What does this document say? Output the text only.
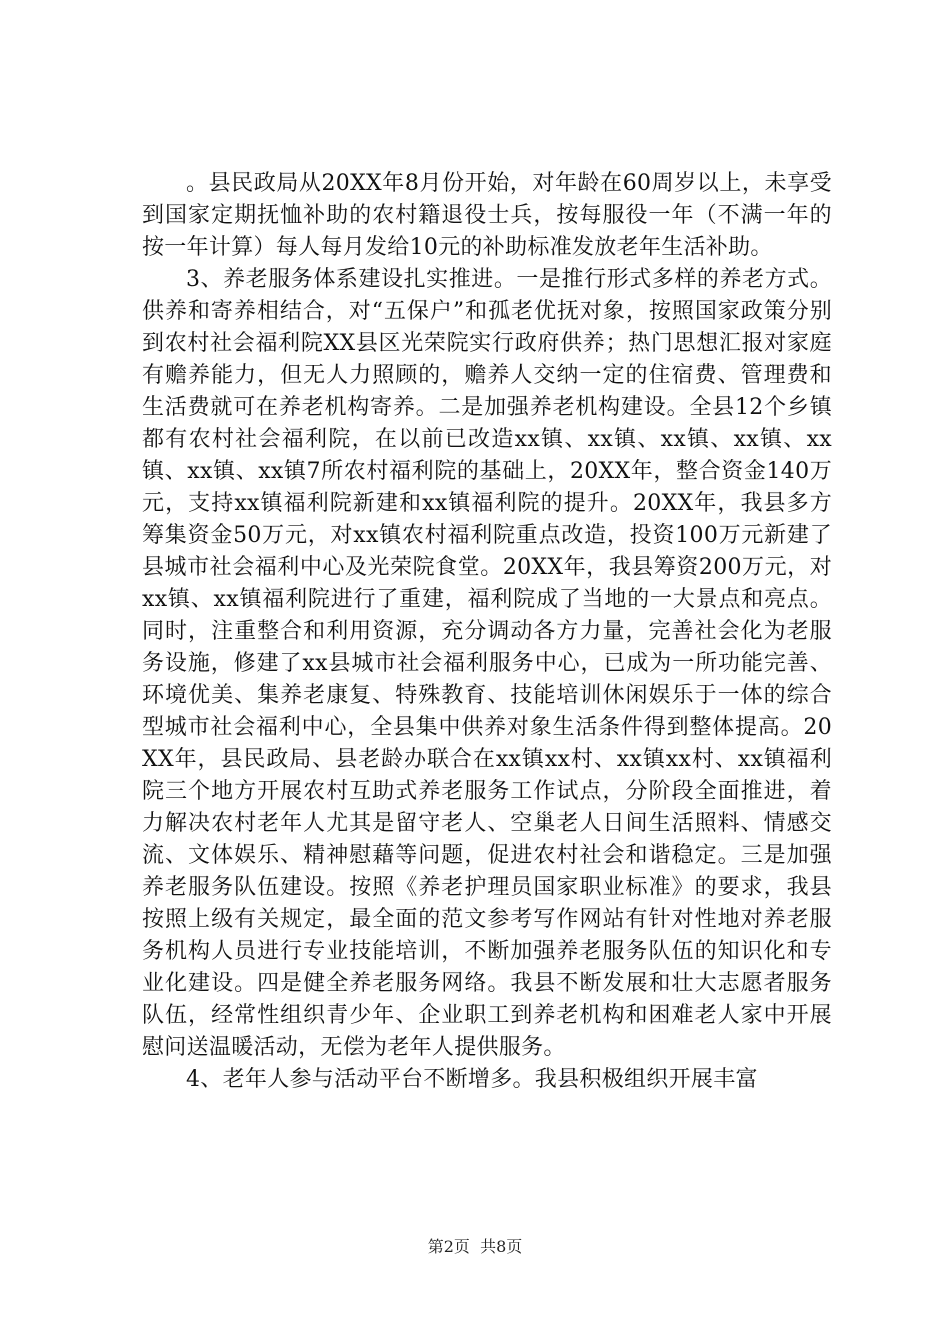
。县民政局从20XX年8月份开始，对年龄在60周岁以上，未享受到国家定期抚恤补助的农村籍退役士兵，按每服役一年（不满一年的按一年计算）每人每月发给10元的补助标准发放老年生活补助。

3、养老服务体系建设扎实推进。一是推行形式多样的养老方式。供养和寄养相结合，对“五保户”和孤老优抚对象，按照国家政策分别到农村社会福利院XX县区光荣院实行政府供养；热门思想汇报对家庭有赡养能力，但无人力照顾的，赡养人交纳一定的住宿费、管理费和生活费就可在养老机构寄养。二是加强养老机构建设。全县12个乡镇都有农村社会福利院，在以前已改造xx镇、xx镇、xx镇、xx镇、xx镇、xx镇、xx镇7所农村福利院的基础上，20XX年，整合资金140万元，支持xx镇福利院新建和xx镇福利院的提升。20XX年，我县多方筹集资金50万元，对xx镇农村福利院重点改造，投资100万元新建了县城市社会福利中心及光荣院食堂。20XX年，我县筹资200万元，对xx镇、xx镇福利院进行了重建，福利院成了当地的一大景点和亮点。同时，注重整合和利用资源，充分调动各方力量，完善社会化为老服务设施，修建了xx县城市社会福利服务中心，已成为一所功能完善、环境优美、集养老康复、特殊教育、技能培训休闲娱乐于一体的综合型城市社会福利中心，全县集中供养对象生活条件得到整体提高。20XX年，县民政局、县老龄办联合在xx镇xx村、xx镇xx村、xx镇福利院三个地方开展农村互助式养老服务工作试点，分阶段全面推进，着力解决农村老年人尤其是留守老人、空巢老人日间生活照料、情感交流、文体娱乐、精神慰藉等问题，促进农村社会和谐稳定。三是加强养老服务队伍建设。按照《养老护理员国家职业标准》的要求，我县按照上级有关规定，最全面的范文参考写作网站有针对性地对养老服务机构人员进行专业技能培训，不断加强养老服务队伍的知识化和专业化建设。四是健全养老服务网络。我县不断发展和壮大志愿者服务队伍，经常性组织青少年、企业职工到养老机构和困难老人家中开展慰问送温暖活动，无偿为老年人提供服务。

4、老年人参与活动平台不断增多。我县积极组织开展丰富

第2页  共8页
